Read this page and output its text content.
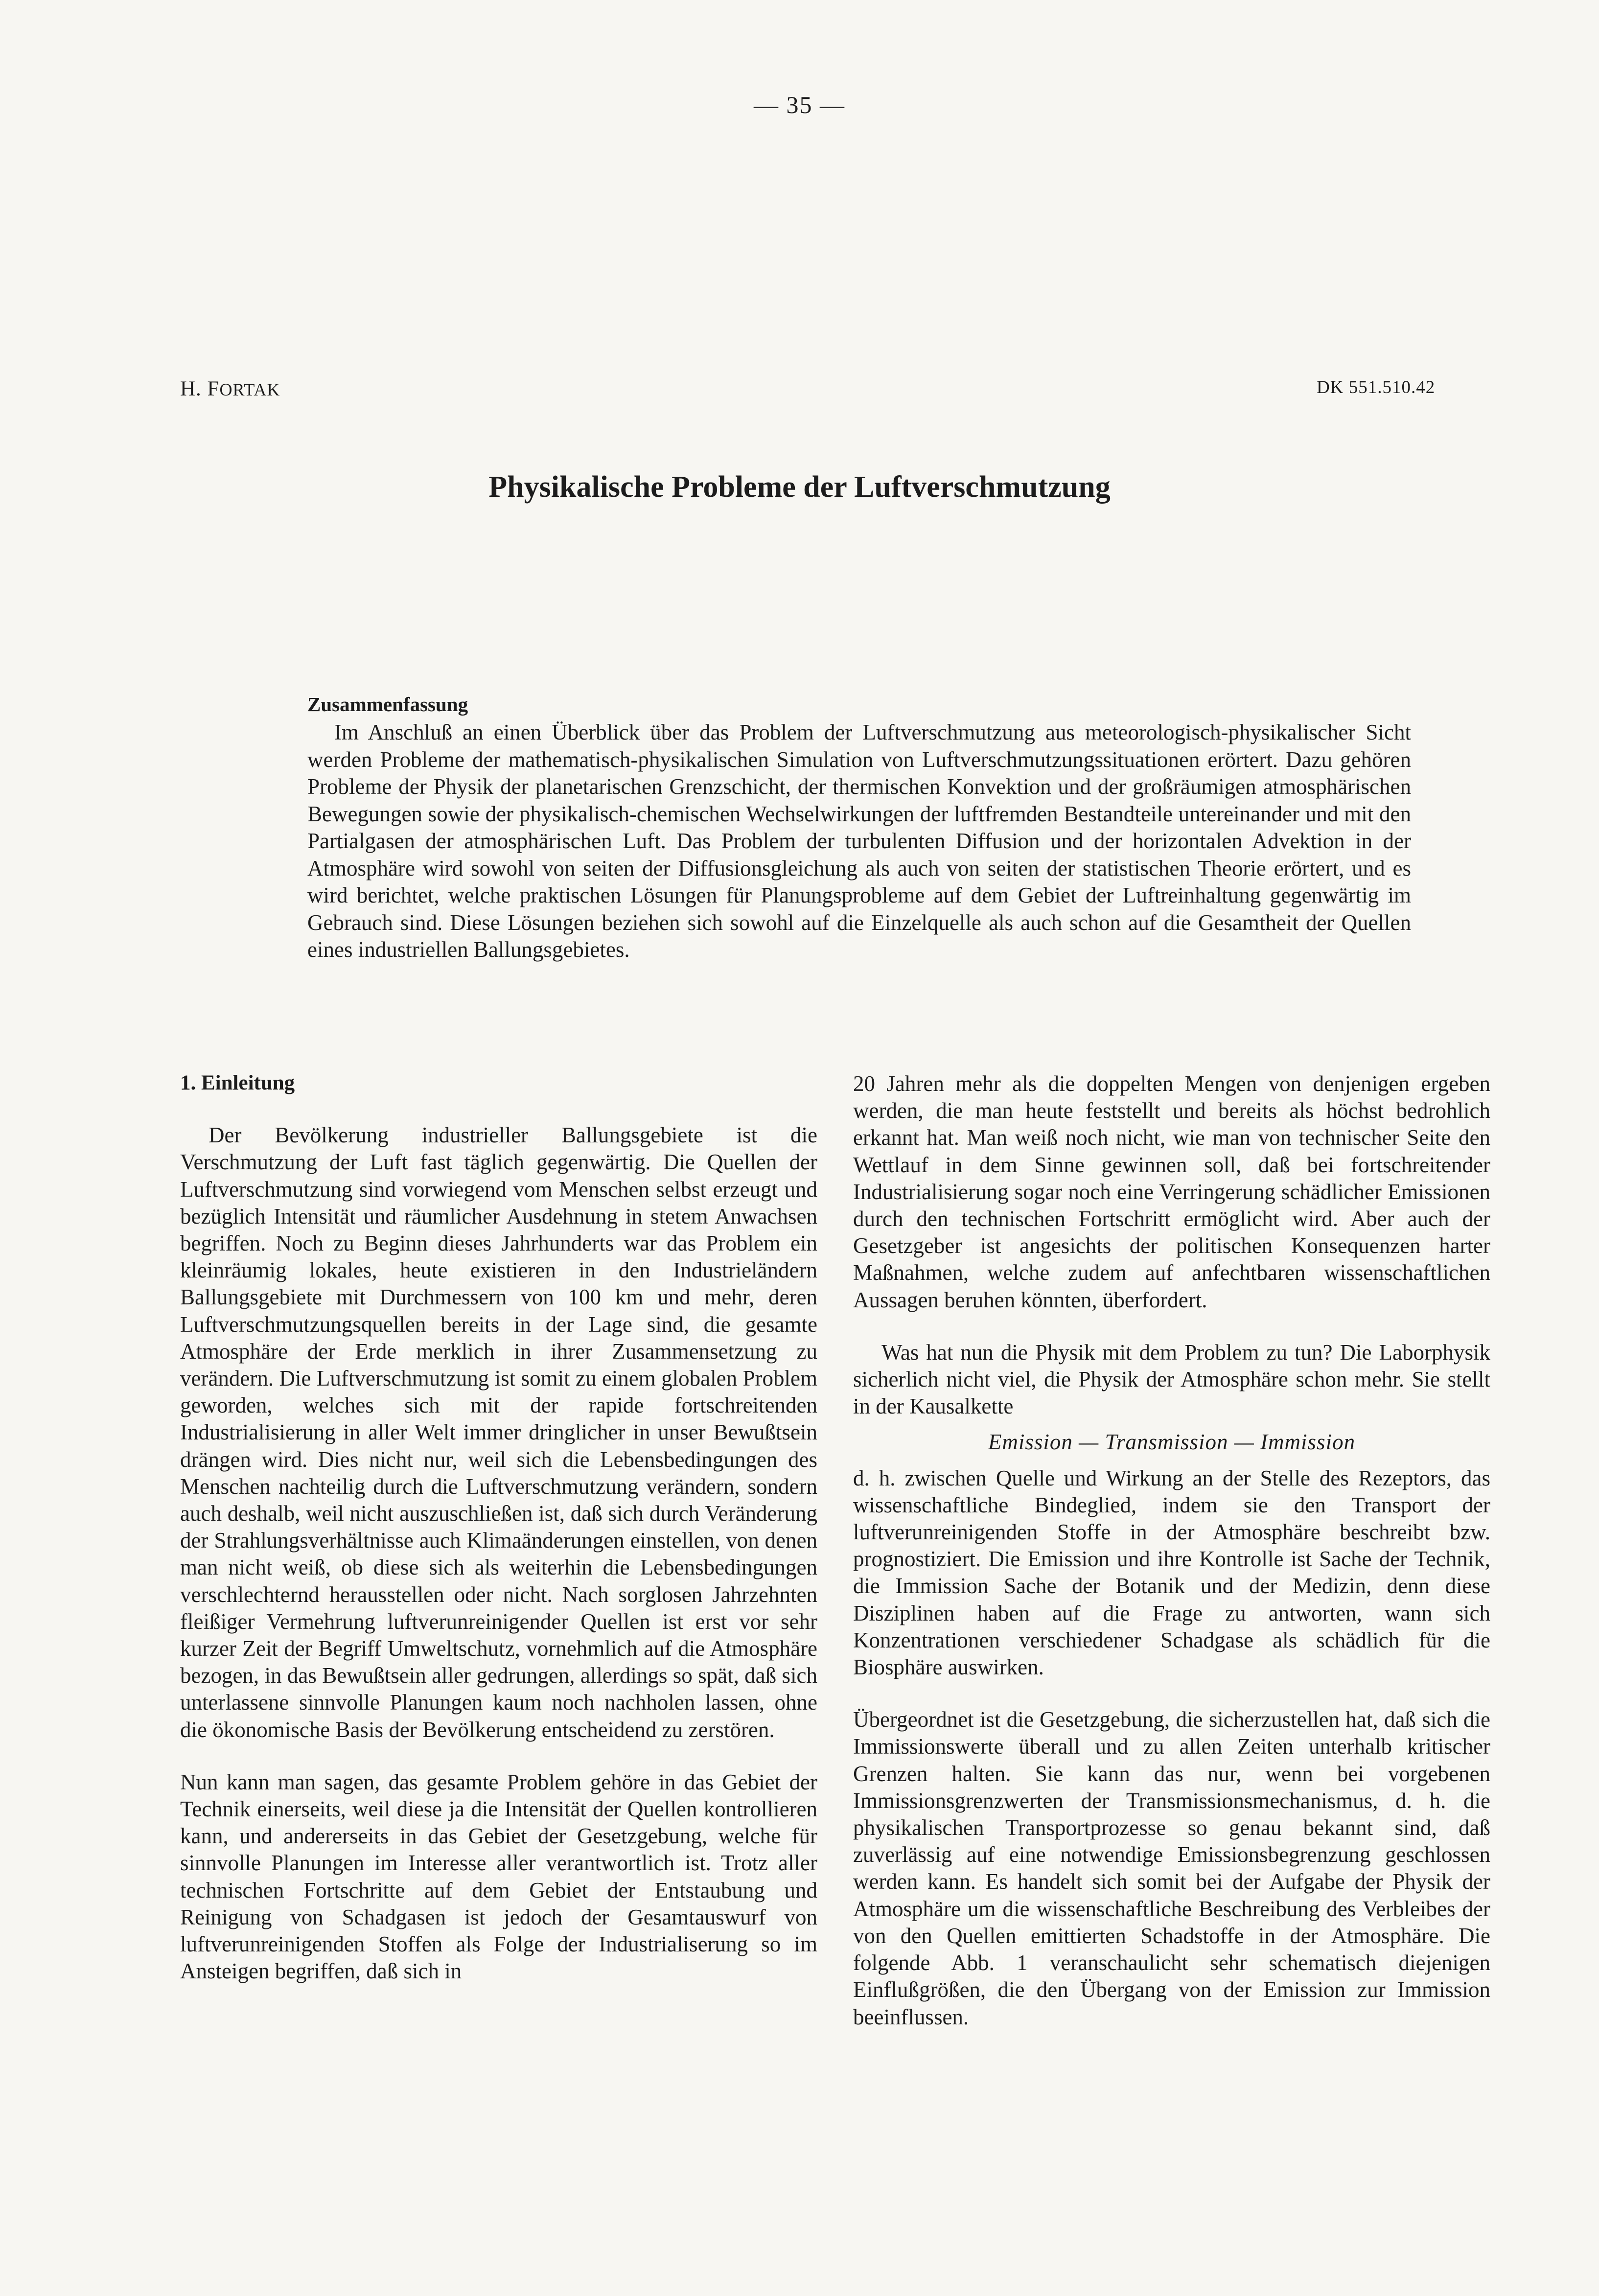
— 35 —
H. FORTAK	DK 551.510.42
Physikalische Probleme der Luftverschmutzung
Zusammenfassung
Im Anschluß an einen Überblick über das Problem der Luftverschmutzung aus meteorologisch-physikalischer Sicht werden Probleme der mathematisch-physikalischen Simulation von Luftverschmutzungssituationen erörtert. Dazu gehören Probleme der Physik der planetarischen Grenzschicht, der thermischen Konvektion und der großräumigen atmosphärischen Bewegungen sowie der physikalisch-chemischen Wechselwirkungen der luftfremden Bestandteile untereinander und mit den Partialgasen der atmosphärischen Luft. Das Problem der turbulenten Diffusion und der horizontalen Advektion in der Atmosphäre wird sowohl von seiten der Diffusionsgleichung als auch von seiten der statistischen Theorie erörtert, und es wird berichtet, welche praktischen Lösungen für Planungsprobleme auf dem Gebiet der Luftreinhaltung gegenwärtig im Gebrauch sind. Diese Lösungen beziehen sich sowohl auf die Einzelquelle als auch schon auf die Gesamtheit der Quellen eines industriellen Ballungsgebietes.
1. Einleitung

Der Bevölkerung industrieller Ballungsgebiete ist die Verschmutzung der Luft fast täglich gegenwärtig. Die Quellen der Luftverschmutzung sind vorwiegend vom Menschen selbst erzeugt und bezüglich Intensität und räumlicher Ausdehnung in stetem Anwachsen begriffen. Noch zu Beginn dieses Jahrhunderts war das Problem ein kleinräumig lokales, heute existieren in den Industrieländern Ballungsgebiete mit Durchmessern von 100 km und mehr, deren Luftverschmutzungsquellen bereits in der Lage sind, die gesamte Atmosphäre der Erde merklich in ihrer Zusammensetzung zu verändern. Die Luftverschmutzung ist somit zu einem globalen Problem geworden, welches sich mit der rapide fortschreitenden Industrialisierung in aller Welt immer dringlicher in unser Bewußtsein drängen wird. Dies nicht nur, weil sich die Lebensbedingungen des Menschen nachteilig durch die Luftverschmutzung verändern, sondern auch deshalb, weil nicht auszuschließen ist, daß sich durch Veränderung der Strahlungsverhältnisse auch Klimaänderungen einstellen, von denen man nicht weiß, ob diese sich als weiterhin die Lebensbedingungen verschlechternd herausstellen oder nicht. Nach sorglosen Jahrzehnten fleißiger Vermehrung luftverunreinigender Quellen ist erst vor sehr kurzer Zeit der Begriff Umweltschutz, vornehmlich auf die Atmosphäre bezogen, in das Bewußtsein aller gedrungen, allerdings so spät, daß sich unterlassene sinnvolle Planungen kaum noch nachholen lassen, ohne die ökonomische Basis der Bevölkerung entscheidend zu zerstören.

Nun kann man sagen, das gesamte Problem gehöre in das Gebiet der Technik einerseits, weil diese ja die Intensität der Quellen kontrollieren kann, und andererseits in das Gebiet der Gesetzgebung, welche für sinnvolle Planungen im Interesse aller verantwortlich ist. Trotz aller technischen Fortschritte auf dem Gebiet der Entstaubung und Reinigung von Schadgasen ist jedoch der Gesamtauswurf von luftverunreinigenden Stoffen als Folge der Industrialiserung so im Ansteigen begriffen, daß sich in

20 Jahren mehr als die doppelten Mengen von denjenigen ergeben werden, die man heute feststellt und bereits als höchst bedrohlich erkannt hat. Man weiß noch nicht, wie man von technischer Seite den Wettlauf in dem Sinne gewinnen soll, daß bei fortschreitender Industrialisierung sogar noch eine Verringerung schädlicher Emissionen durch den technischen Fortschritt ermöglicht wird. Aber auch der Gesetzgeber ist angesichts der politischen Konsequenzen harter Maßnahmen, welche zudem auf anfechtbaren wissenschaftlichen Aussagen beruhen könnten, überfordert.

Was hat nun die Physik mit dem Problem zu tun? Die Laborphysik sicherlich nicht viel, die Physik der Atmosphäre schon mehr. Sie stellt in der Kausalkette

Emission — Transmission — Immission

d. h. zwischen Quelle und Wirkung an der Stelle des Rezeptors, das wissenschaftliche Bindeglied, indem sie den Transport der luftverunreinigenden Stoffe in der Atmosphäre beschreibt bzw. prognostiziert. Die Emission und ihre Kontrolle ist Sache der Technik, die Immission Sache der Botanik und der Medizin, denn diese Disziplinen haben auf die Frage zu antworten, wann sich Konzentrationen verschiedener Schadgase als schädlich für die Biosphäre auswirken.

Übergeordnet ist die Gesetzgebung, die sicherzustellen hat, daß sich die Immissionswerte überall und zu allen Zeiten unterhalb kritischer Grenzen halten. Sie kann das nur, wenn bei vorgebenen Immissionsgrenzwerten der Transmissionsmechanismus, d. h. die physikalischen Transportprozesse so genau bekannt sind, daß zuverlässig auf eine notwendige Emissionsbegrenzung geschlossen werden kann. Es handelt sich somit bei der Aufgabe der Physik der Atmosphäre um die wissenschaftliche Beschreibung des Verbleibes der von den Quellen emittierten Schadstoffe in der Atmosphäre. Die folgende Abb. 1 veranschaulicht sehr schematisch diejenigen Einflußgrößen, die den Übergang von der Emission zur Immission beeinflussen.
